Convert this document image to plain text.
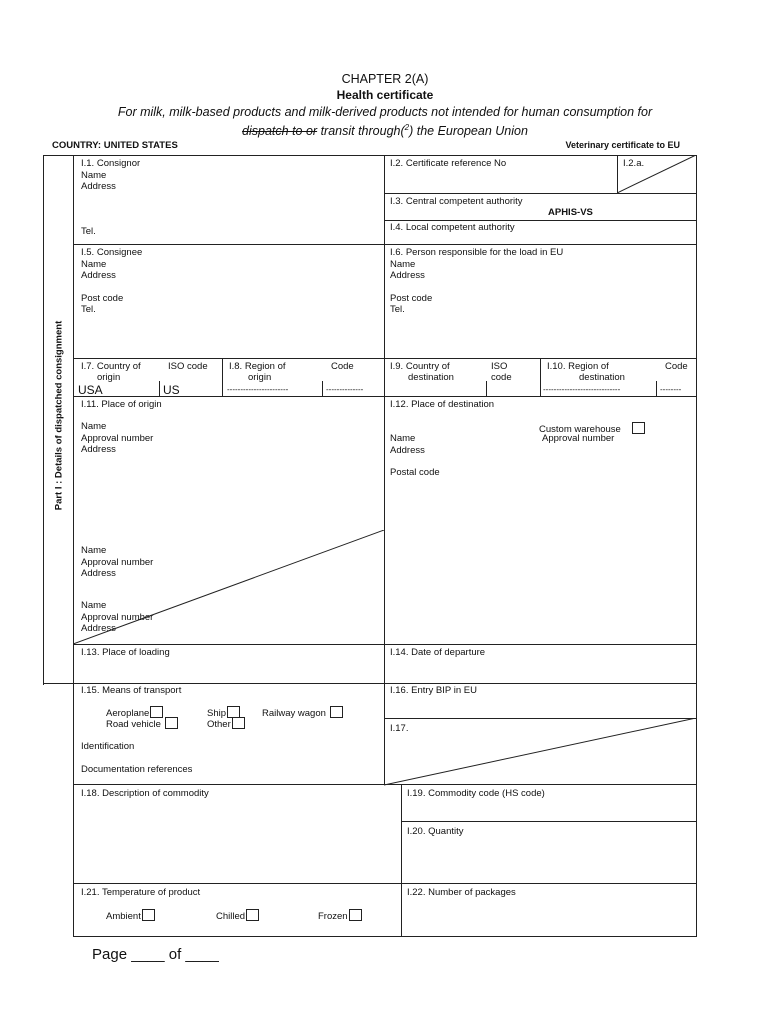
CHAPTER 2(A)
Health certificate
For milk, milk-based products and milk-derived products not intended for human consumption for
dispatch to or transit through($^2$) the European Union
COUNTRY: UNITED STATES	Veterinary certificate to EU
Part I : Details of dispatched consignment
I.1. Consignor
Name
Address
Tel.
I.2. Certificate reference No	I.2.a.
I.3. Central competent authority
APHIS-VS
I.4. Local competent authority
I.5. Consignee
Name
Address
Post code
Tel.
I.6. Person responsible for the load in EU
Name
Address
Post code
Tel.
I.7. Country of
origin
ISO code
USA	US
I.8. Region of
origin
Code
-----------------------	--------------
I.9. Country of
destination
ISO
code
I.10. Region of
destination
Code
-----------------------------	--------
I.11. Place of origin
Name
Approval number
Address
Name
Approval number
Address
Name
Approval number
Address
I.12. Place of destination
Custom warehouse
Approval number
Name
Address
Postal code
I.13. Place of loading	I.14. Date of departure
I.15. Means of transport
Aeroplane	Ship	Railway wagon
Road vehicle	Other
Identification
Documentation references
I.16. Entry BIP in EU
I.17.
I.18. Description of commodity	I.19. Commodity code (HS code)
I.20. Quantity
I.21. Temperature of product
Ambient	Chilled	Frozen
I.22. Number of packages
Page ____ of ____
